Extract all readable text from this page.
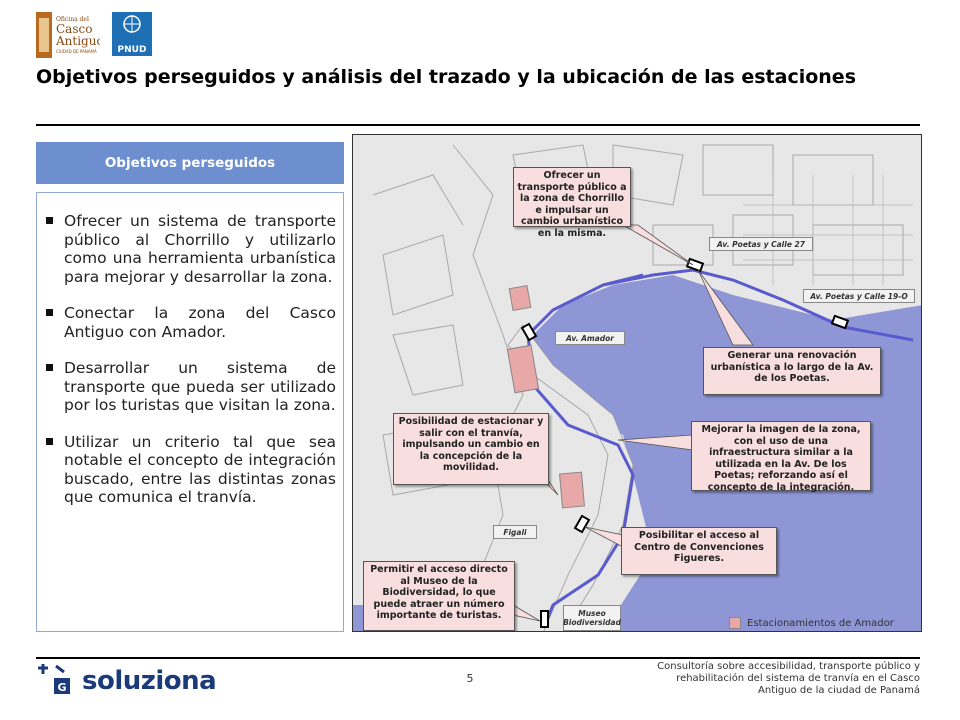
Oficina del
Casco
Antiguo
CIUDAD DE PANAMÁ PNUD
Objetivos perseguidos y análisis del trazado y la ubicación de las estaciones
Objetivos perseguidos
Ofrecer un sistema de transporte público al Chorrillo y utilizarlo como una herramienta urbanística para mejorar y desarrollar la zona.
Conectar la zona del Casco Antiguo con Amador.
Desarrollar un sistema de transporte que pueda ser utilizado por los turistas que visitan la zona.
Utilizar un criterio tal que sea notable el concepto de integración buscado, entre las distintas zonas que comunica el tranvía.
Ofrecer un transporte público a la zona de Chorrillo e impulsar un cambio urbanístico en la misma.
Generar una renovación urbanística a lo largo de la Av. de los Poetas.
Mejorar la imagen de la zona, con el uso de una infraestructura similar a la utilizada en la Av. De los Poetas; reforzando así el concepto de la integración.
Posibilidad de estacionar y salir con el tranvía, impulsando un cambio en la concepción de la movilidad.
Posibilitar el acceso al Centro de Convenciones Figueres.
Permitir el acceso directo al Museo de la Biodiversidad, lo que puede atraer un número importante de turistas.
Av. Poetas y Calle 27
Av. Poetas y Calle 19-O
Av. Amador
Figali
Museo Biodiversidad	Estacionamientos de Amador
G soluziona	5
Consultoría sobre accesibilidad, transporte público y
rehabilitación del sistema de tranvía en el Casco
Antiguo de la ciudad de Panamá
